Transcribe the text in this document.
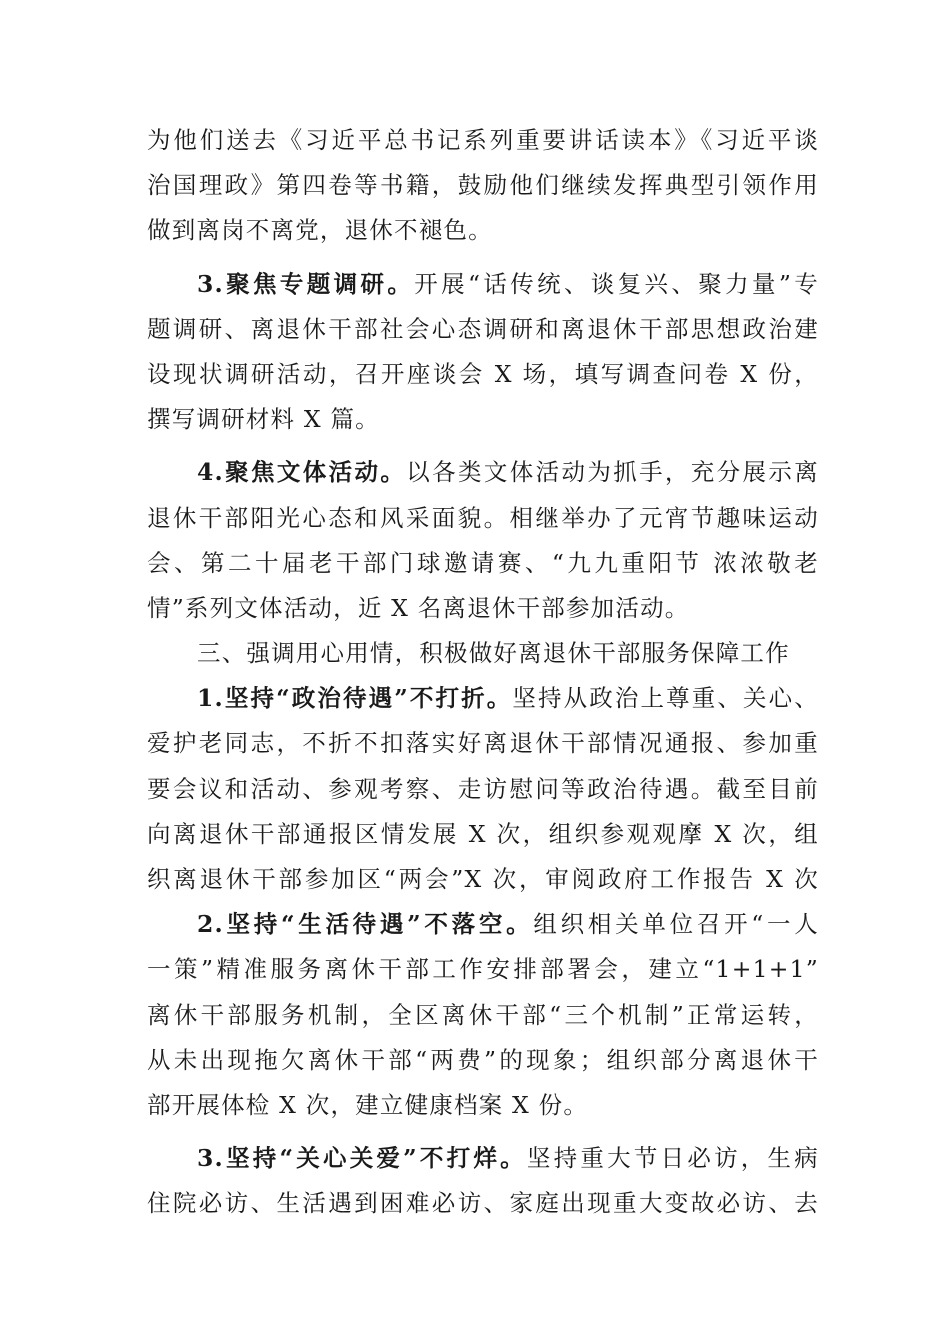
为他们送去《习近平总书记系列重要讲话读本》《习近平谈
治国理政》第四卷等书籍，鼓励他们继续发挥典型引领作用
做到离岗不离党，退休不褪色。
3.聚焦专题调研。开展“话传统、谈复兴、聚力量”专
题调研、离退休干部社会心态调研和离退休干部思想政治建
设现状调研活动，召开座谈会 X 场，填写调查问卷 X 份，
撰写调研材料 X 篇。
4.聚焦文体活动。以各类文体活动为抓手，充分展示离
退休干部阳光心态和风采面貌。相继举办了元宵节趣味运动
会、第二十届老干部门球邀请赛、“九九重阳节 浓浓敬老
情”系列文体活动，近 X 名离退休干部参加活动。
三、强调用心用情，积极做好离退休干部服务保障工作
1.坚持“政治待遇”不打折。坚持从政治上尊重、关心、
爱护老同志，不折不扣落实好离退休干部情况通报、参加重
要会议和活动、参观考察、走访慰问等政治待遇。截至目前
向离退休干部通报区情发展 X 次，组织参观观摩 X 次，组
织离退休干部参加区“两会”X 次，审阅政府工作报告 X 次
2.坚持“生活待遇”不落空。组织相关单位召开“一人
一策”精准服务离休干部工作安排部署会，建立“1+1+1”
离休干部服务机制，全区离休干部“三个机制”正常运转，
从未出现拖欠离休干部“两费”的现象；组织部分离退休干
部开展体检 X 次，建立健康档案 X 份。
3.坚持“关心关爱”不打烊。坚持重大节日必访，生病
住院必访、生活遇到困难必访、家庭出现重大变故必访、去
